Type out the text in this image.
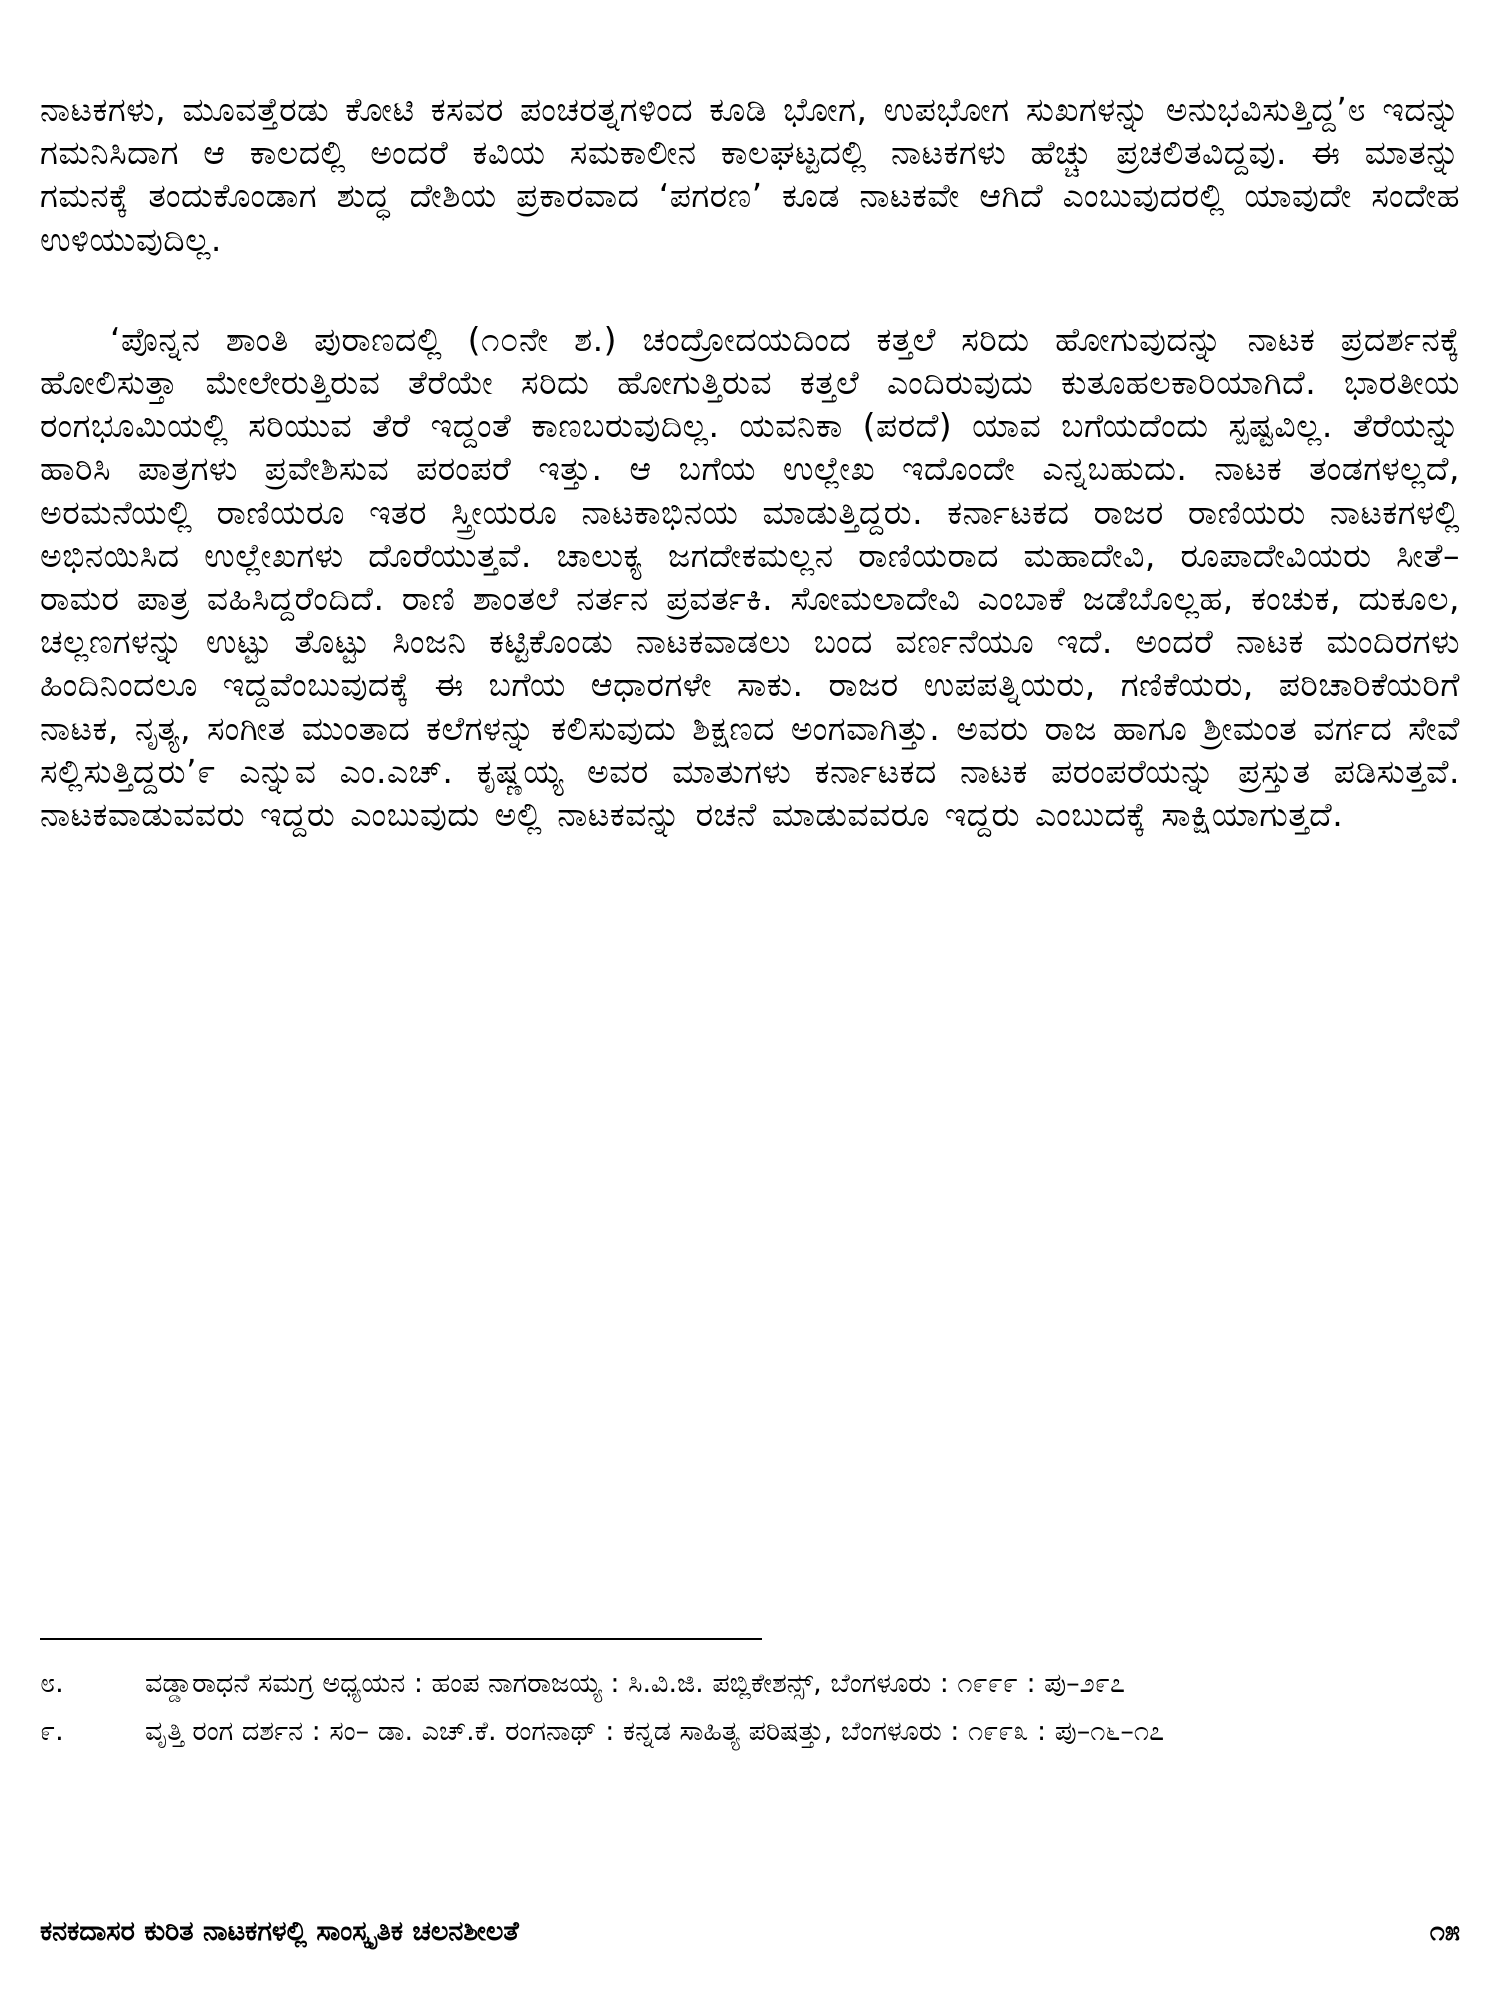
ನಾಟಕಗಳು, ಮೂವತ್ತೆರಡು ಕೋಟಿ ಕಸವರ ಪಂಚರತ್ನಗಳಿಂದ ಕೂಡಿ ಭೋಗ, ಉಪಭೋಗ ಸುಖಗಳನ್ನು ಅನುಭವಿಸುತ್ತಿದ್ದ’೮ ಇದನ್ನು ಗಮನಿಸಿದಾಗ ಆ ಕಾಲದಲ್ಲಿ ಅಂದರೆ ಕವಿಯ ಸಮಕಾಲೀನ ಕಾಲಘಟ್ಟದಲ್ಲಿ ನಾಟಕಗಳು ಹೆಚ್ಚು ಪ್ರಚಲಿತವಿದ್ದವು. ಈ ಮಾತನ್ನು ಗಮನಕ್ಕೆ ತಂದುಕೊಂಡಾಗ ಶುದ್ಧ ದೇಶಿಯ ಪ್ರಕಾರವಾದ ‘ಪಗರಣ’ ಕೂಡ ನಾಟಕವೇ ಆಗಿದೆ ಎಂಬುವುದರಲ್ಲಿ ಯಾವುದೇ ಸಂದೇಹ ಉಳಿಯುವುದಿಲ್ಲ.

‘ಪೊನ್ನನ ಶಾಂತಿ ಪುರಾಣದಲ್ಲಿ (೧೦ನೇ ಶ.) ಚಂದ್ರೋದಯದಿಂದ ಕತ್ತಲೆ ಸರಿದು ಹೋಗುವುದನ್ನು ನಾಟಕ ಪ್ರದರ್ಶನಕ್ಕೆ ಹೋಲಿಸುತ್ತಾ ಮೇಲೇರುತ್ತಿರುವ ತೆರೆಯೇ ಸರಿದು ಹೋಗುತ್ತಿರುವ ಕತ್ತಲೆ ಎಂದಿರುವುದು ಕುತೂಹಲಕಾರಿಯಾಗಿದೆ. ಭಾರತೀಯ ರಂಗಭೂಮಿಯಲ್ಲಿ ಸರಿಯುವ ತೆರೆ ಇದ್ದಂತೆ ಕಾಣಬರುವುದಿಲ್ಲ. ಯವನಿಕಾ (ಪರದೆ) ಯಾವ ಬಗೆಯದೆಂದು ಸ್ಪಷ್ಟವಿಲ್ಲ. ತೆರೆಯನ್ನು ಹಾರಿಸಿ ಪಾತ್ರಗಳು ಪ್ರವೇಶಿಸುವ ಪರಂಪರೆ ಇತ್ತು. ಆ ಬಗೆಯ ಉಲ್ಲೇಖ ಇದೊಂದೇ ಎನ್ನಬಹುದು. ನಾಟಕ ತಂಡಗಳಲ್ಲದೆ, ಅರಮನೆಯಲ್ಲಿ ರಾಣಿಯರೂ ಇತರ ಸ್ತ್ರೀಯರೂ ನಾಟಕಾಭಿನಯ ಮಾಡುತ್ತಿದ್ದರು. ಕರ್ನಾಟಕದ ರಾಜರ ರಾಣಿಯರು ನಾಟಕಗಳಲ್ಲಿ ಅಭಿನಯಿಸಿದ ಉಲ್ಲೇಖಗಳು ದೊರೆಯುತ್ತವೆ. ಚಾಲುಕ್ಯ ಜಗದೇಕಮಲ್ಲನ ರಾಣಿಯರಾದ ಮಹಾದೇವಿ, ರೂಪಾದೇವಿಯರು ಸೀತೆ–ರಾಮರ ಪಾತ್ರ ವಹಿಸಿದ್ದರೆಂದಿದೆ. ರಾಣಿ ಶಾಂತಲೆ ನರ್ತನ ಪ್ರವರ್ತಕಿ. ಸೋಮಲಾದೇವಿ ಎಂಬಾಕೆ ಜಡೆಬೊಲ್ಲಹ, ಕಂಚುಕ, ದುಕೂಲ, ಚಲ್ಲಣಗಳನ್ನು ಉಟ್ಟು ತೊಟ್ಟು ಸಿಂಜನಿ ಕಟ್ಟಿಕೊಂಡು ನಾಟಕವಾಡಲು ಬಂದ ವರ್ಣನೆಯೂ ಇದೆ. ಅಂದರೆ ನಾಟಕ ಮಂದಿರಗಳು ಹಿಂದಿನಿಂದಲೂ ಇದ್ದವೆಂಬುವುದಕ್ಕೆ ಈ ಬಗೆಯ ಆಧಾರಗಳೇ ಸಾಕು. ರಾಜರ ಉಪಪತ್ನಿಯರು, ಗಣಿಕೆಯರು, ಪರಿಚಾರಿಕೆಯರಿಗೆ ನಾಟಕ, ನೃತ್ಯ, ಸಂಗೀತ ಮುಂತಾದ ಕಲೆಗಳನ್ನು ಕಲಿಸುವುದು ಶಿಕ್ಷಣದ ಅಂಗವಾಗಿತ್ತು. ಅವರು ರಾಜ ಹಾಗೂ ಶ್ರೀಮಂತ ವರ್ಗದ ಸೇವೆ ಸಲ್ಲಿಸುತ್ತಿದ್ದರು’೯ ಎನ್ನುವ ಎಂ.ಎಚ್. ಕೃಷ್ಣಯ್ಯ ಅವರ ಮಾತುಗಳು ಕರ್ನಾಟಕದ ನಾಟಕ ಪರಂಪರೆಯನ್ನು ಪ್ರಸ್ತುತ ಪಡಿಸುತ್ತವೆ. ನಾಟಕವಾಡುವವರು ಇದ್ದರು ಎಂಬುವುದು ಅಲ್ಲಿ ನಾಟಕವನ್ನು ರಚನೆ ಮಾಡುವವರೂ ಇದ್ದರು ಎಂಬುದಕ್ಕೆ ಸಾಕ್ಷಿಯಾಗುತ್ತದೆ.

೮.	ವಡ್ಡಾರಾಧನೆ ಸಮಗ್ರ ಅಧ್ಯಯನ : ಹಂಪ ನಾಗರಾಜಯ್ಯ : ಸಿ.ವಿ.ಜಿ. ಪಬ್ಲಿಕೇಶನ್ಸ್, ಬೆಂಗಳೂರು : ೧೯೯೯ : ಪು–೨೯೭
೯.	ವೃತ್ತಿ ರಂಗ ದರ್ಶನ : ಸಂ– ಡಾ. ಎಚ್.ಕೆ. ರಂಗನಾಥ್ : ಕನ್ನಡ ಸಾಹಿತ್ಯ ಪರಿಷತ್ತು, ಬೆಂಗಳೂರು : ೧೯೯೩ : ಪು–೧೬–೧೭
ಕನಕದಾಸರ ಕುರಿತ ನಾಟಕಗಳಲ್ಲಿ ಸಾಂಸ್ಕೃತಿಕ ಚಲನಶೀಲತೆ	೧೫
